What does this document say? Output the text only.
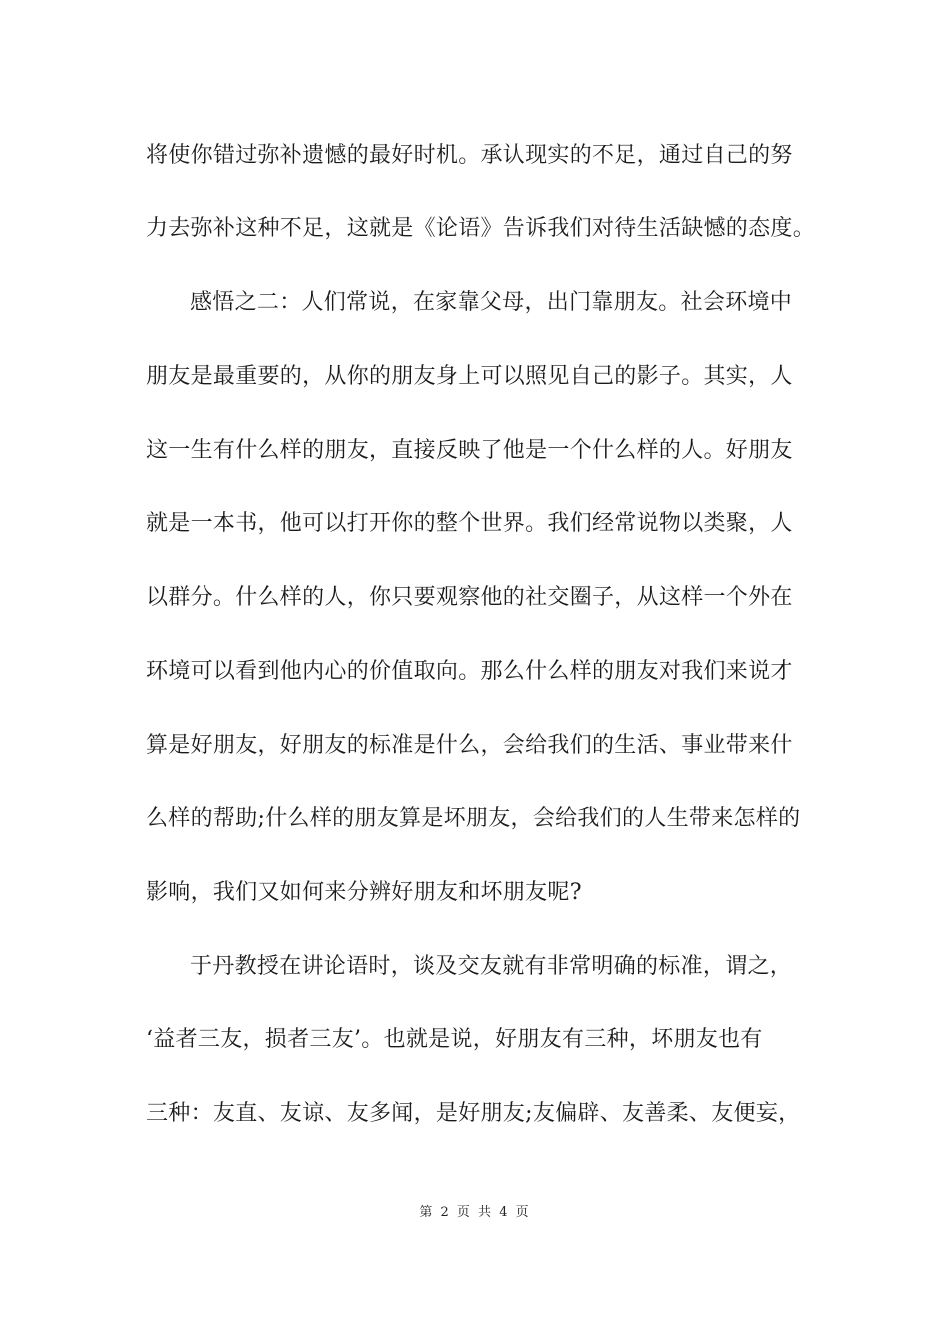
将使你错过弥补遗憾的最好时机。承认现实的不足，通过自己的努
力去弥补这种不足，这就是《论语》告诉我们对待生活缺憾的态度。
感悟之二：人们常说，在家靠父母，出门靠朋友。社会环境中
朋友是最重要的，从你的朋友身上可以照见自己的影子。其实，人
这一生有什么样的朋友，直接反映了他是一个什么样的人。好朋友
就是一本书，他可以打开你的整个世界。我们经常说物以类聚，人
以群分。什么样的人，你只要观察他的社交圈子，从这样一个外在
环境可以看到他内心的价值取向。那么什么样的朋友对我们来说才
算是好朋友，好朋友的标准是什么，会给我们的生活、事业带来什
么样的帮助;什么样的朋友算是坏朋友，会给我们的人生带来怎样的
影响，我们又如何来分辨好朋友和坏朋友呢?
于丹教授在讲论语时，谈及交友就有非常明确的标准，谓之，
‘益者三友，损者三友’。也就是说，好朋友有三种，坏朋友也有
三种：友直、友谅、友多闻，是好朋友;友偏辟、友善柔、友便妄，
第 2 页 共 4 页
